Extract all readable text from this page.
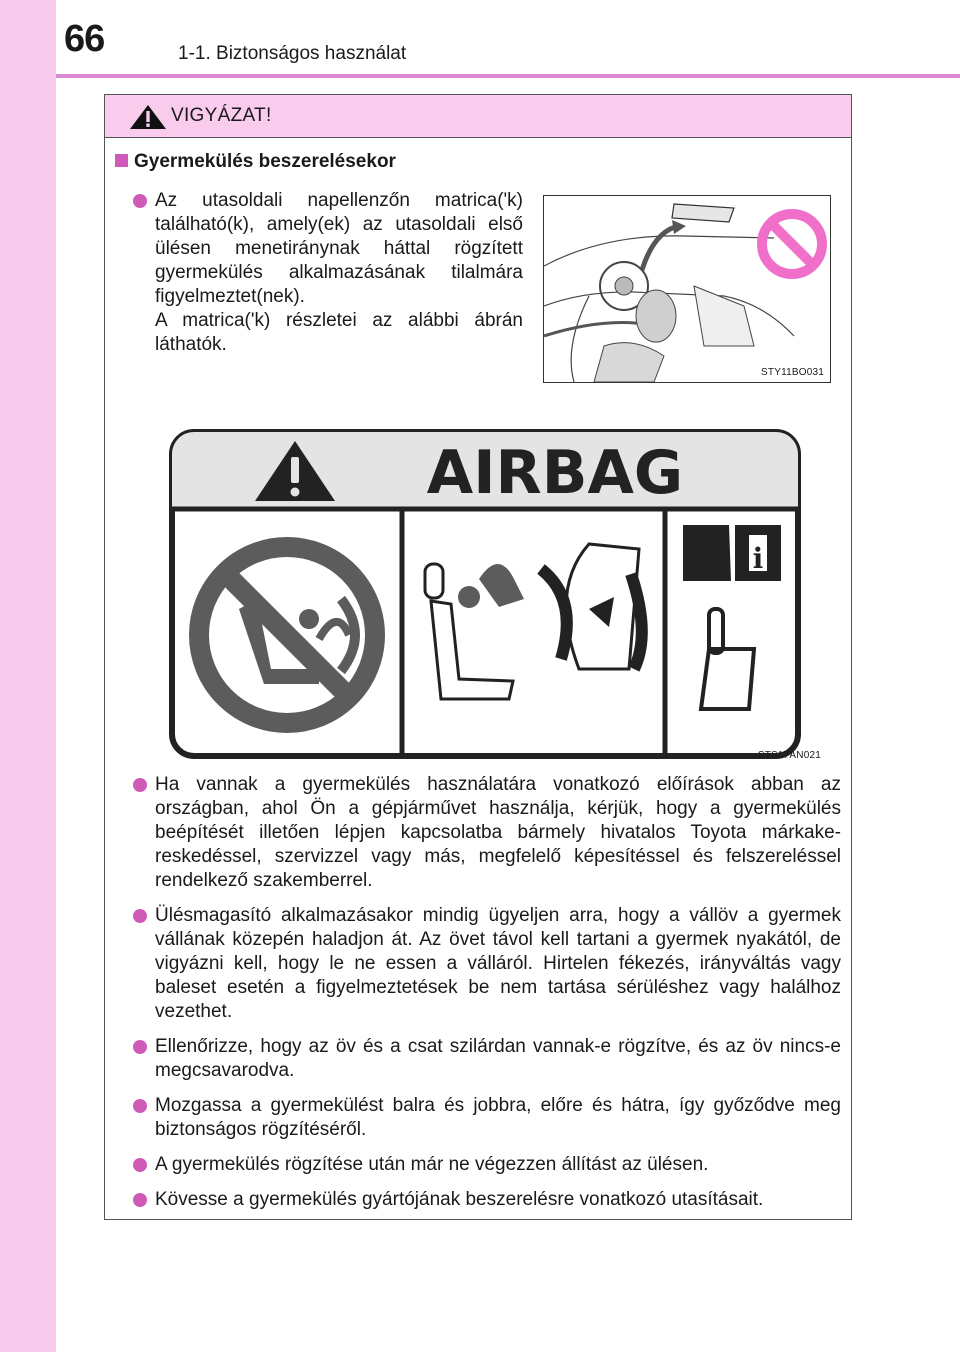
66	1-1. Biztonságos használat
VIGYÁZAT!
Gyermekülés beszerelésekor

Az utasoldali napellenzőn matrica('k) található(k), amely(ek) az utasoldali első ülésen menetiránynak háttal rögzített gyermekülés alkalmazásának tilalmára figyelmeztet(nek).

A matrica('k) részletei az alábbi ábrán láthatók.

STY11BO031
AIRBAG
i
STS17AN021
Ha vannak a gyermekülés használatára vonatkozó előírások abban az országban, ahol Ön a gépjárművet használja, kérjük, hogy a gyermekülés beépítését illetően lépjen kapcsolatba bármely hivatalos Toyota márkakereskedéssel, szervizzel vagy más, megfelelő képesítéssel és felszereléssel rendelkező szakemberrel.
Ülésmagasító alkalmazásakor mindig ügyeljen arra, hogy a vállöv a gyermek vállának közepén haladjon át. Az övet távol kell tartani a gyermek nyakától, de vigyázni kell, hogy le ne essen a válláról. Hirtelen fékezés, irányváltás vagy baleset esetén a figyelmeztetések be nem tartása sérüléshez vagy halálhoz vezethet.
Ellenőrizze, hogy az öv és a csat szilárdan vannak-e rögzítve, és az öv nincs-e megcsavarodva.
Mozgassa a gyermekülést balra és jobbra, előre és hátra, így győződve meg biztonságos rögzítéséről.
A gyermekülés rögzítése után már ne végezzen állítást az ülésen.
Kövesse a gyermekülés gyártójának beszerelésre vonatkozó utasításait.
